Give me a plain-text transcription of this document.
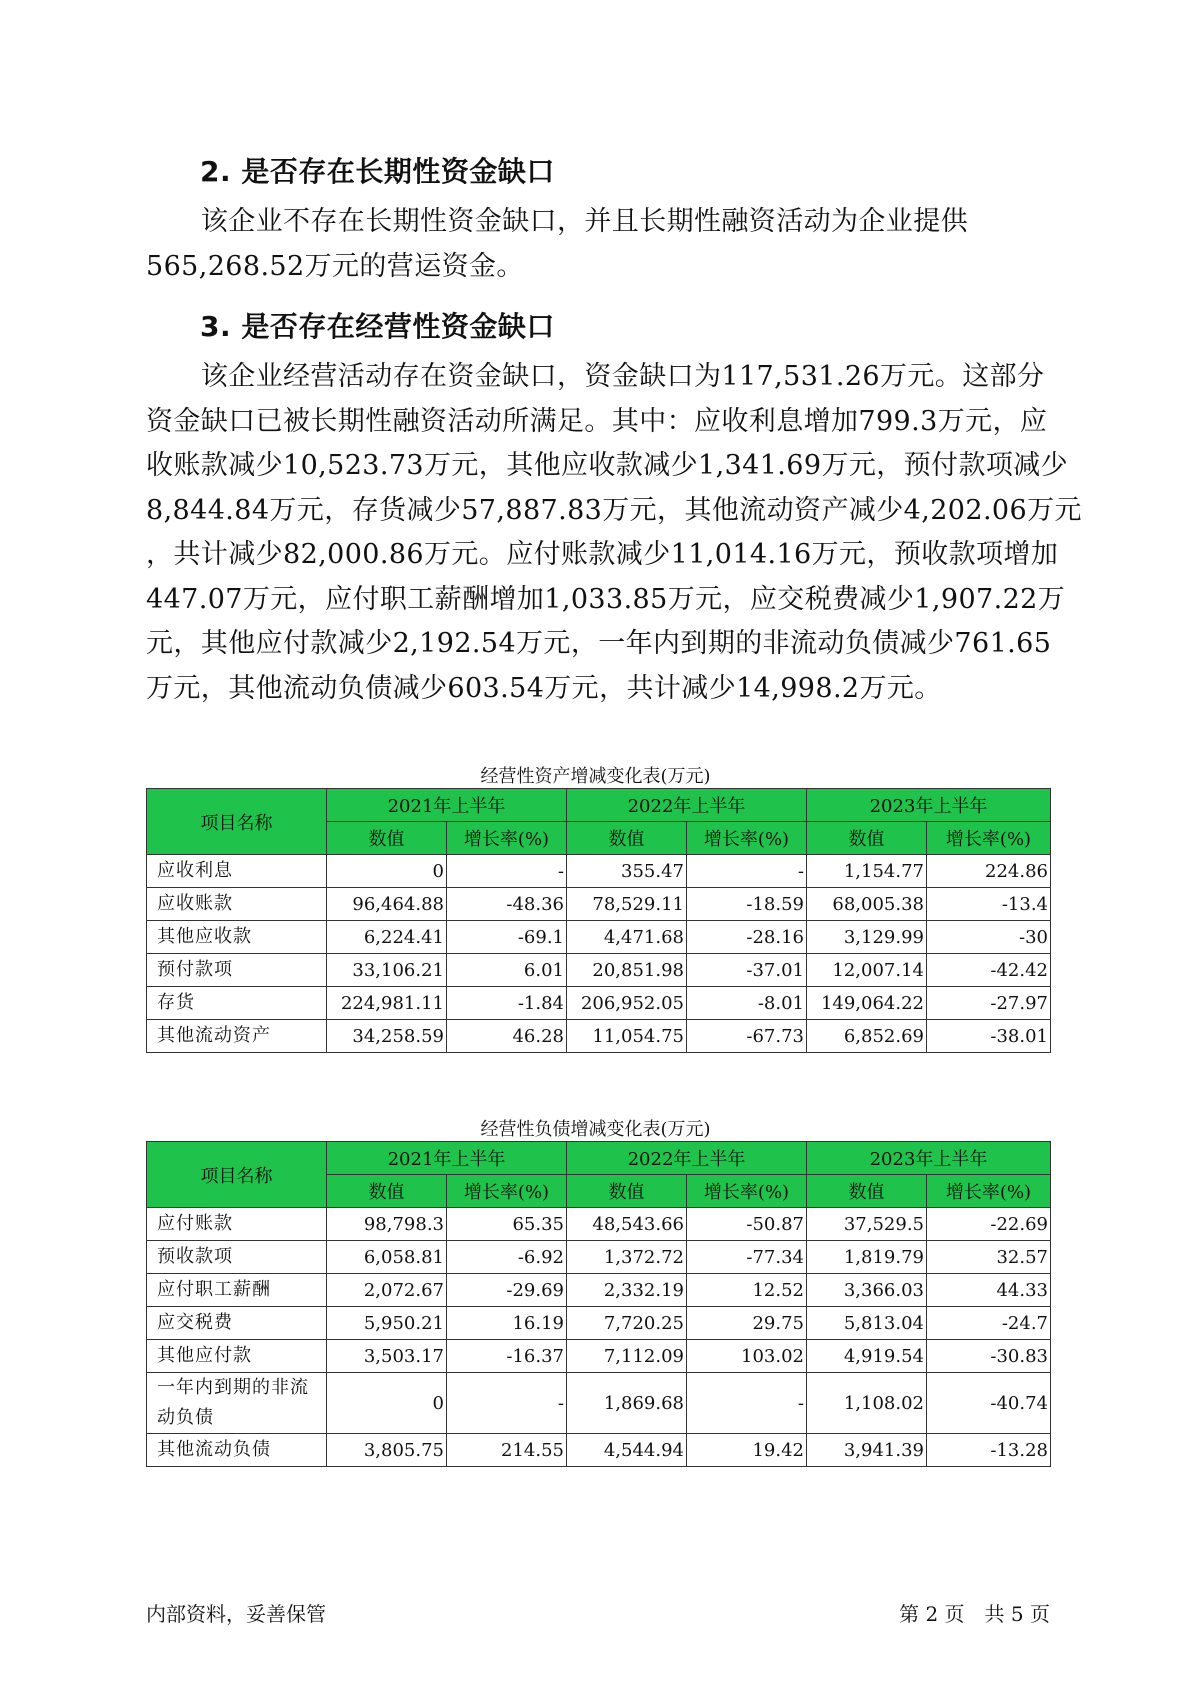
2. 是否存在长期性资金缺口
　　该企业不存在长期性资金缺口，并且长期性融资活动为企业提供
565,268.52万元的营运资金。
3. 是否存在经营性资金缺口
　　该企业经营活动存在资金缺口，资金缺口为117,531.26万元。这部分
资金缺口已被长期性融资活动所满足。其中：应收利息增加799.3万元，应
收账款减少10,523.73万元，其他应收款减少1,341.69万元，预付款项减少
8,844.84万元，存货减少57,887.83万元，其他流动资产减少4,202.06万元
，共计减少82,000.86万元。应付账款减少11,014.16万元，预收款项增加
447.07万元，应付职工薪酬增加1,033.85万元，应交税费减少1,907.22万
元，其他应付款减少2,192.54万元，一年内到期的非流动负债减少761.65
万元，其他流动负债减少603.54万元，共计减少14,998.2万元。
经营性资产增减变化表(万元)
项目名称	2021年上半年		2022年上半年		2023年上半年	
	数值	增长率(%)	数值	增长率(%)	数值	增长率(%)
应收利息	0	-	355.47	-	1,154.77	224.86
应收账款	96,464.88	-48.36	78,529.11	-18.59	68,005.38	-13.4
其他应收款	6,224.41	-69.1	4,471.68	-28.16	3,129.99	-30
预付款项	33,106.21	6.01	20,851.98	-37.01	12,007.14	-42.42
存货	224,981.11	-1.84	206,952.05	-8.01	149,064.22	-27.97
其他流动资产	34,258.59	46.28	11,054.75	-67.73	6,852.69	-38.01
经营性负债增减变化表(万元)
项目名称	2021年上半年		2022年上半年		2023年上半年	
	数值	增长率(%)	数值	增长率(%)	数值	增长率(%)
应付账款	98,798.3	65.35	48,543.66	-50.87	37,529.5	-22.69
预收款项	6,058.81	-6.92	1,372.72	-77.34	1,819.79	32.57
应付职工薪酬	2,072.67	-29.69	2,332.19	12.52	3,366.03	44.33
应交税费	5,950.21	16.19	7,720.25	29.75	5,813.04	-24.7
其他应付款	3,503.17	-16.37	7,112.09	103.02	4,919.54	-30.83
一年内到期的非流动负债	0	-	1,869.68	-	1,108.02	-40.74
其他流动负债	3,805.75	214.55	4,544.94	19.42	3,941.39	-13.28
内部资料，妥善保管	第 2 页　共 5 页
